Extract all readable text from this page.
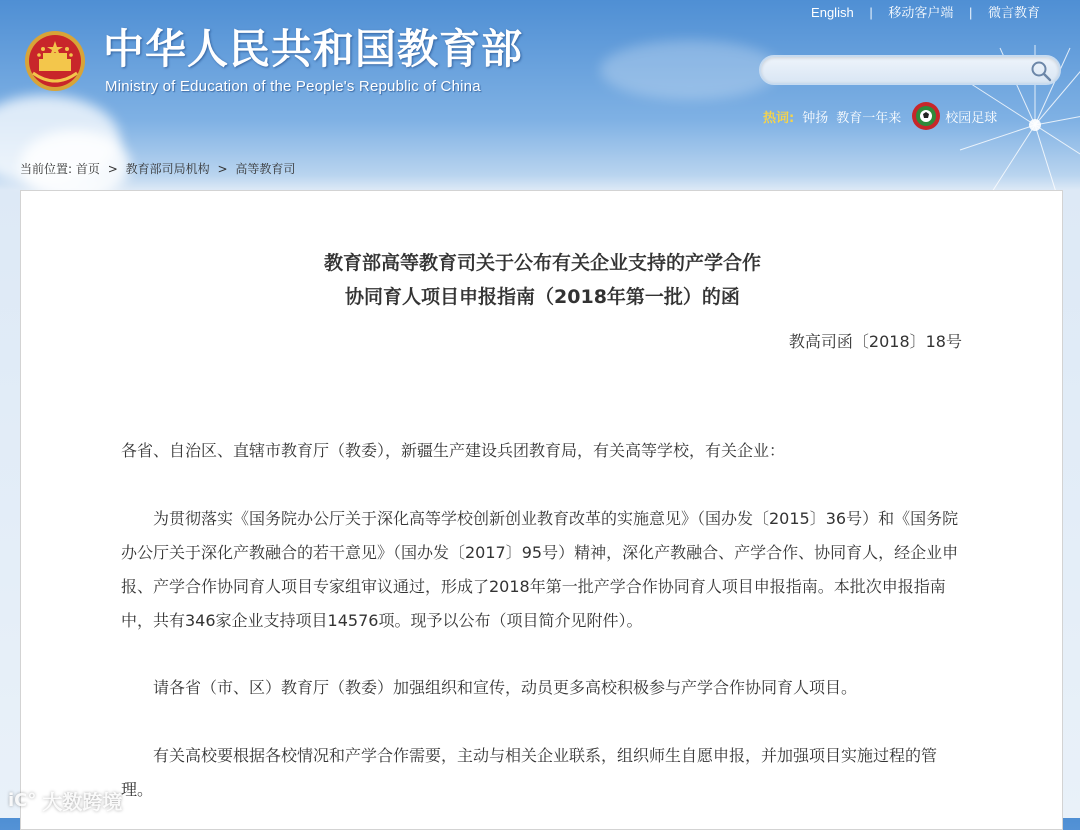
English | 移动客户端 | 微言教育
中华人民共和国教育部
Ministry of Education of the People's Republic of China
热词: 钟扬 教育一年来	校园足球
当前位置: 首页 > 教育部司局机构 > 高等教育司
教育部高等教育司关于公布有关企业支持的产学合作
协同育人项目申报指南（2018年第一批）的函
教高司函〔2018〕18号
各省、自治区、直辖市教育厅（教委），新疆生产建设兵团教育局，有关高等学校，有关企业：
为贯彻落实《国务院办公厅关于深化高等学校创新创业教育改革的实施意见》（国办发〔2015〕36号）和《国务院办公厅关于深化产教融合的若干意见》（国办发〔2017〕95号）精神，深化产教融合、产学合作、协同育人，经企业申报、产学合作协同育人项目专家组审议通过，形成了2018年第一批产学合作协同育人项目申报指南。本批次申报指南中，共有346家企业支持项目14576项。现予以公布（项目简介见附件）。
请各省（市、区）教育厅（教委）加强组织和宣传，动员更多高校积极参与产学合作协同育人项目。
有关高校要根据各校情况和产学合作需要，主动与相关企业联系，组织师生自愿申报，并加强项目实施过程的管理。
iC° 大数跨境
